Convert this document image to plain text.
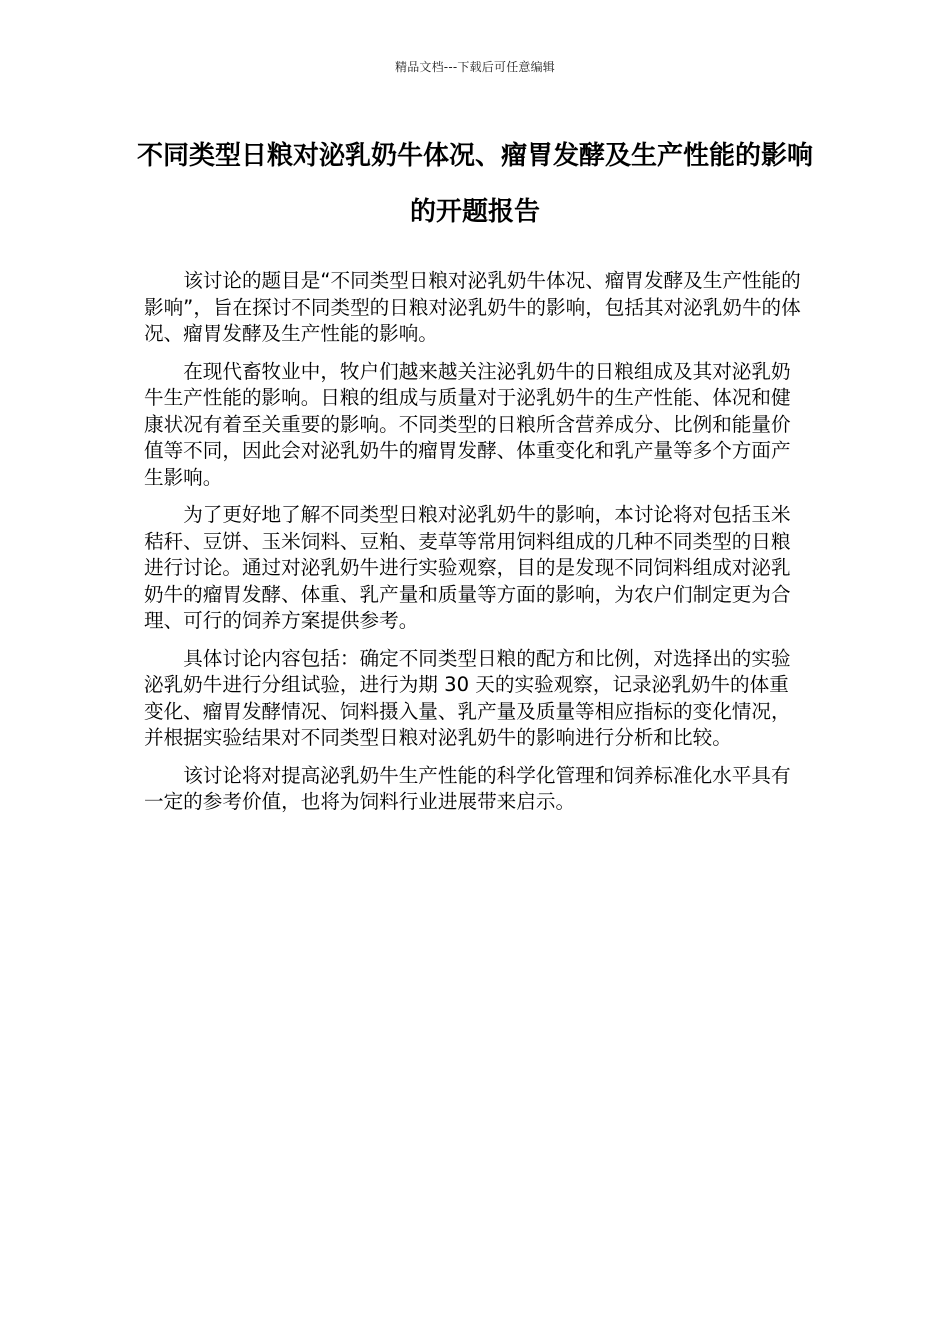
精品文档---下载后可任意编辑
不同类型日粮对泌乳奶牛体况、瘤胃发酵及生产性能的影响的开题报告

该讨论的题目是“不同类型日粮对泌乳奶牛体况、瘤胃发酵及生产性能的影响”，旨在探讨不同类型的日粮对泌乳奶牛的影响，包括其对泌乳奶牛的体况、瘤胃发酵及生产性能的影响。

在现代畜牧业中，牧户们越来越关注泌乳奶牛的日粮组成及其对泌乳奶牛生产性能的影响。日粮的组成与质量对于泌乳奶牛的生产性能、体况和健康状况有着至关重要的影响。不同类型的日粮所含营养成分、比例和能量价值等不同，因此会对泌乳奶牛的瘤胃发酵、体重变化和乳产量等多个方面产生影响。

为了更好地了解不同类型日粮对泌乳奶牛的影响，本讨论将对包括玉米秸秆、豆饼、玉米饲料、豆粕、麦草等常用饲料组成的几种不同类型的日粮进行讨论。通过对泌乳奶牛进行实验观察，目的是发现不同饲料组成对泌乳奶牛的瘤胃发酵、体重、乳产量和质量等方面的影响，为农户们制定更为合理、可行的饲养方案提供参考。

具体讨论内容包括：确定不同类型日粮的配方和比例，对选择出的实验泌乳奶牛进行分组试验，进行为期 30 天的实验观察，记录泌乳奶牛的体重变化、瘤胃发酵情况、饲料摄入量、乳产量及质量等相应指标的变化情况，并根据实验结果对不同类型日粮对泌乳奶牛的影响进行分析和比较。

该讨论将对提高泌乳奶牛生产性能的科学化管理和饲养标准化水平具有一定的参考价值，也将为饲料行业进展带来启示。
